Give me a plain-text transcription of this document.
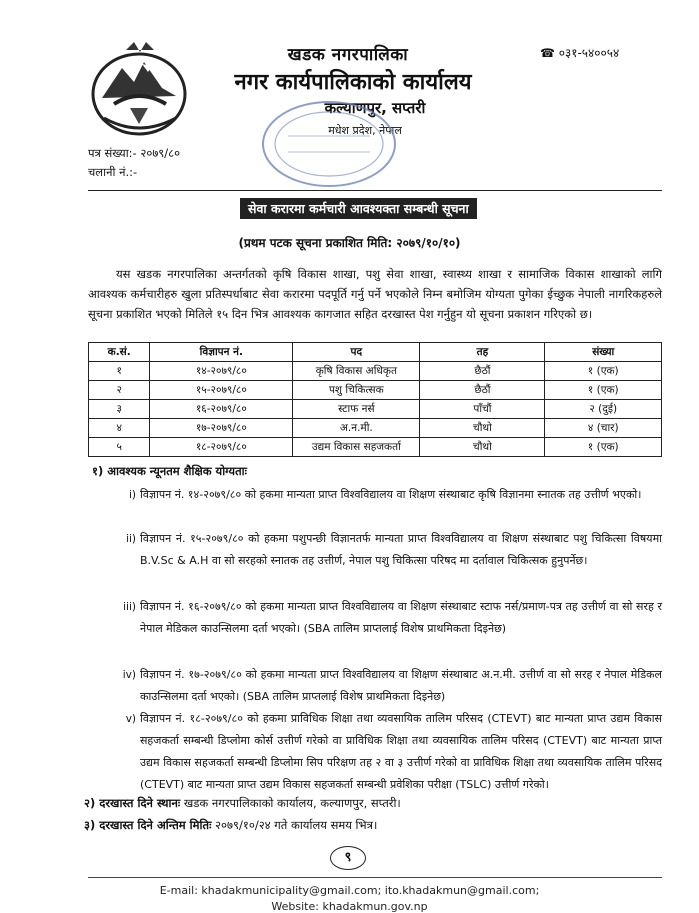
खडक नगरपालिका
नगर कार्यपालिकाको कार्यालय
कल्याणपुर, सप्तरी
मधेश प्रदेश, नेपाल
☎ ०३१-५४००५४
पत्र संख्या:- २०७९/८०
चलानी नं.:-
सेवा करारमा कर्मचारी आवश्यक्ता सम्बन्धी सूचना
(प्रथम पटक सूचना प्रकाशित मिति: २०७९/१०/१०)
यस खडक नगरपालिका अन्तर्गतको कृषि विकास शाखा, पशु सेवा शाखा, स्वास्थ्य शाखा र सामाजिक विकास शाखाको लागि आवश्यक कर्मचारीहरु खुला प्रतिस्पर्धाबाट सेवा करारमा पदपूर्ति गर्नु पर्ने भएकोले निम्न बमोजिम योग्यता पुगेका ईच्छुक नेपाली नागरिकहरुले सूचना प्रकाशित भएको मितिले १५ दिन भित्र आवश्यक कागजात सहित दरखास्त पेश गर्नुहुन यो सूचना प्रकाशन गरिएको छ।
क.सं.	विज्ञापन नं.	पद	तह	संख्या
१	१४-२०७९/८०	कृषि विकास अधिकृत	छैठौं	१ (एक)
२	१५-२०७९/८०	पशु चिकित्सक	छैठौं	१ (एक)
३	१६-२०७९/८०	स्टाफ नर्स	पाँचौं	२ (दुई)
४	१७-२०७९/८०	अ.न.मी.	चौथो	४ (चार)
५	१८-२०७९/८०	उद्यम विकास सहजकर्ता	चौथो	१ (एक)
१) आवश्यक न्यूनतम शैक्षिक योग्यताः
i) विज्ञापन नं. १४-२०७९/८० को हकमा मान्यता प्राप्त विश्वविद्यालय वा शिक्षण संस्थाबाट कृषि विज्ञानमा स्नातक तह उत्तीर्ण भएको।
ii) विज्ञापन नं. १५-२०७९/८० को हकमा पशुपन्छी विज्ञानतर्फ मान्यता प्राप्त विश्वविद्यालय वा शिक्षण संस्थाबाट पशु चिकित्सा विषयमा B.V.Sc & A.H वा सो सरहको स्नातक तह उत्तीर्ण, नेपाल पशु चिकित्सा परिषद मा दर्तावाल चिकित्सक हुनुपर्नेछ।
iii) विज्ञापन नं. १६-२०७९/८० को हकमा मान्यता प्राप्त विश्वविद्यालय वा शिक्षण संस्थाबाट स्टाफ नर्स/प्रमाण-पत्र तह उत्तीर्ण वा सो सरह र नेपाल मेडिकल काउन्सिलमा दर्ता भएको। (SBA तालिम प्राप्तलाई विशेष प्राथमिकता दिइनेछ)
iv) विज्ञापन नं. १७-२०७९/८० को हकमा मान्यता प्राप्त विश्वविद्यालय वा शिक्षण संस्थाबाट अ.न.मी. उत्तीर्ण वा सो सरह र नेपाल मेडिकल काउन्सिलमा दर्ता भएको। (SBA तालिम प्राप्तलाई विशेष प्राथमिकता दिइनेछ)
v) विज्ञापन नं. १८-२०७९/८० को हकमा प्राविधिक शिक्षा तथा व्यवसायिक तालिम परिसद (CTEVT) बाट मान्यता प्राप्त उद्यम विकास सहजकर्ता सम्बन्धी डिप्लोमा कोर्स उत्तीर्ण गरेको वा प्राविधिक शिक्षा तथा व्यवसायिक तालिम परिसद (CTEVT) बाट मान्यता प्राप्त उद्यम विकास सहजकर्ता सम्बन्धी डिप्लोमा सिप परिक्षण तह २ वा ३ उत्तीर्ण गरेको वा प्राविधिक शिक्षा तथा व्यवसायिक तालिम परिसद (CTEVT) बाट मान्यता प्राप्त उद्यम विकास सहजकर्ता सम्बन्धी प्रवेशिका परीक्षा (TSLC) उत्तीर्ण गरेको।
२) दरखास्त दिने स्थानः खडक नगरपालिकाको कार्यालय, कल्याणपुर, सप्तरी।
३) दरखास्त दिने अन्तिम मितिः २०७९/१०/२४ गते कार्यालय समय भित्र।
९
E-mail: khadakmunicipality@gmail.com; ito.khadakmun@gmail.com;
Website: khadakmun.gov.np
